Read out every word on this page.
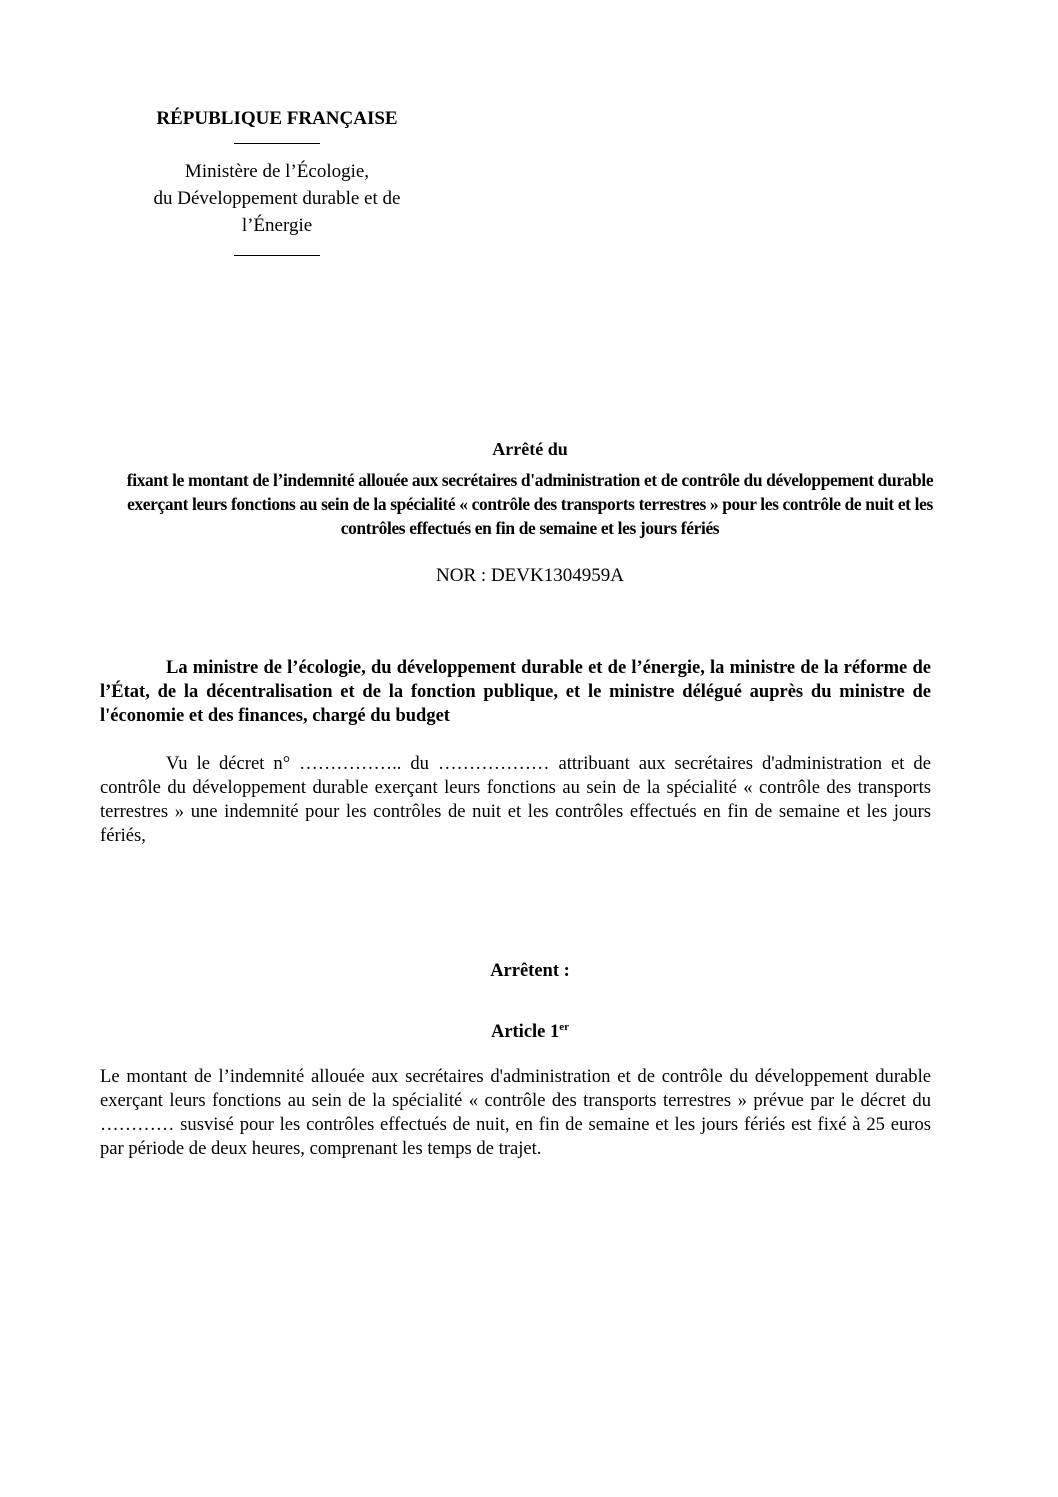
RÉPUBLIQUE FRANÇAISE
Ministère de l’Écologie,
du Développement durable et de
l’Énergie
Arrêté du
fixant le montant de l’indemnité allouée aux secrétaires d'administration et de contrôle du développement durable exerçant leurs fonctions au sein de la spécialité « contrôle des transports terrestres » pour les contrôle de nuit et les contrôles effectués en fin de semaine et les jours fériés
NOR : DEVK1304959A
La ministre de l’écologie, du développement durable et de l’énergie, la ministre de la réforme de l’État, de la décentralisation et de la fonction publique, et le ministre délégué auprès du ministre de l'économie et des finances, chargé du budget
Vu le décret n° …………….. du ……………… attribuant aux secrétaires d'administration et de contrôle du développement durable exerçant leurs fonctions au sein de la spécialité « contrôle des transports terrestres » une indemnité pour les contrôles de nuit et les contrôles effectués en fin de semaine et les jours fériés,
Arrêtent :
Article 1er
Le montant de l’indemnité allouée aux secrétaires d'administration et de contrôle du développement durable exerçant leurs fonctions au sein de la spécialité « contrôle des transports terrestres » prévue par le décret du ………… susvisé pour les contrôles effectués de nuit, en fin de semaine et les jours fériés est fixé à 25 euros par période de deux heures, comprenant les temps de trajet.
